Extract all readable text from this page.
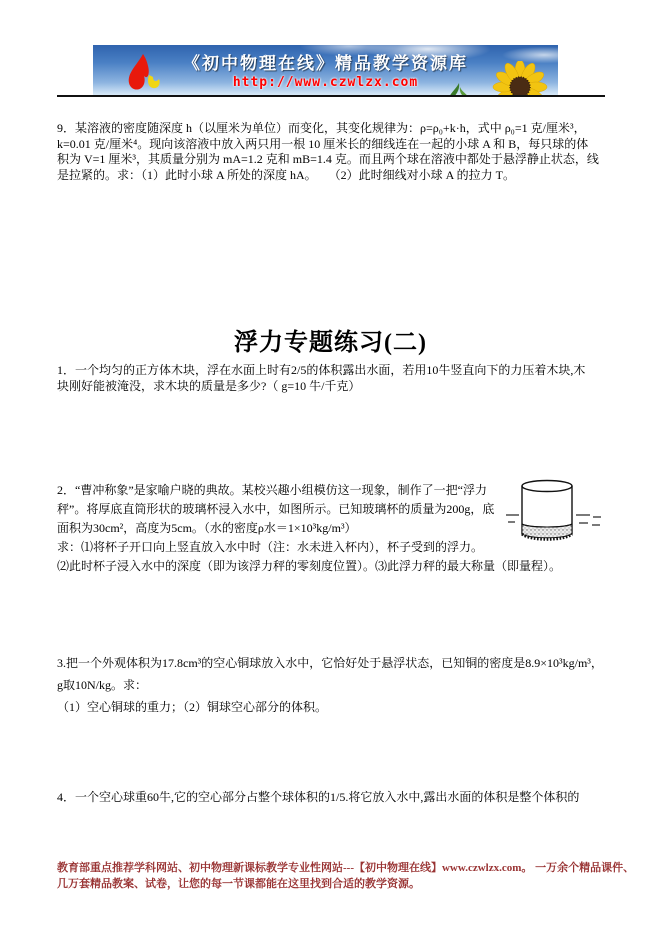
《初中物理在线》精品教学资源库
http://www.czwlzx.com
9．某溶液的密度随深度 h（以厘米为单位）而变化，其变化规律为：ρ=ρ₀+k·h，式中 ρ₀=1 克/厘米³，
k=0.01 克/厘米⁴。现向该溶液中放入两只用一根 10 厘米长的细线连在一起的小球 A 和 B，每只球的体
积为 V=1 厘米³，其质量分别为 mA=1.2 克和 mB=1.4 克。而且两个球在溶液中都处于悬浮静止状态，线
是拉紧的。求：（1）此时小球 A 所处的深度 hA。　　（2）此时细线对小球 A 的拉力 T。
浮力专题练习(二)
1．一个均匀的正方体木块，浮在水面上时有2/5的体积露出水面，若用10牛竖直向下的力压着木块,木
块刚好能被淹没，求木块的质量是多少?（ g=10 牛/千克）
2．“曹冲称象”是家喻户晓的典故。某校兴趣小组模仿这一现象，制作了一把“浮力
秤”。将厚底直筒形状的玻璃杯浸入水中，如图所示。已知玻璃杯的质量为200g，底
面积为30cm²，高度为5cm。（水的密度ρ水＝1×10³kg/m³）
求：⑴将杯子开口向上竖直放入水中时（注：水未进入杯内），杯子受到的浮力。
⑵此时杯子浸入水中的深度（即为该浮力秤的零刻度位置）。⑶此浮力秤的最大称量（即量程）。
3.把一个外观体积为17.8cm³的空心铜球放入水中，它恰好处于悬浮状态，已知铜的密度是8.9×10³kg/m³，
g取10N/kg。求：
（1）空心铜球的重力；（2）铜球空心部分的体积。
4．一个空心球重60牛,它的空心部分占整个球体积的1/5.将它放入水中,露出水面的体积是整个体积的
教育部重点推荐学科网站、初中物理新课标教学专业性网站---【初中物理在线】www.czwlzx.com。 一万余个精品课件、
几万套精品教案、试卷，让您的每一节课都能在这里找到合适的教学资源。
